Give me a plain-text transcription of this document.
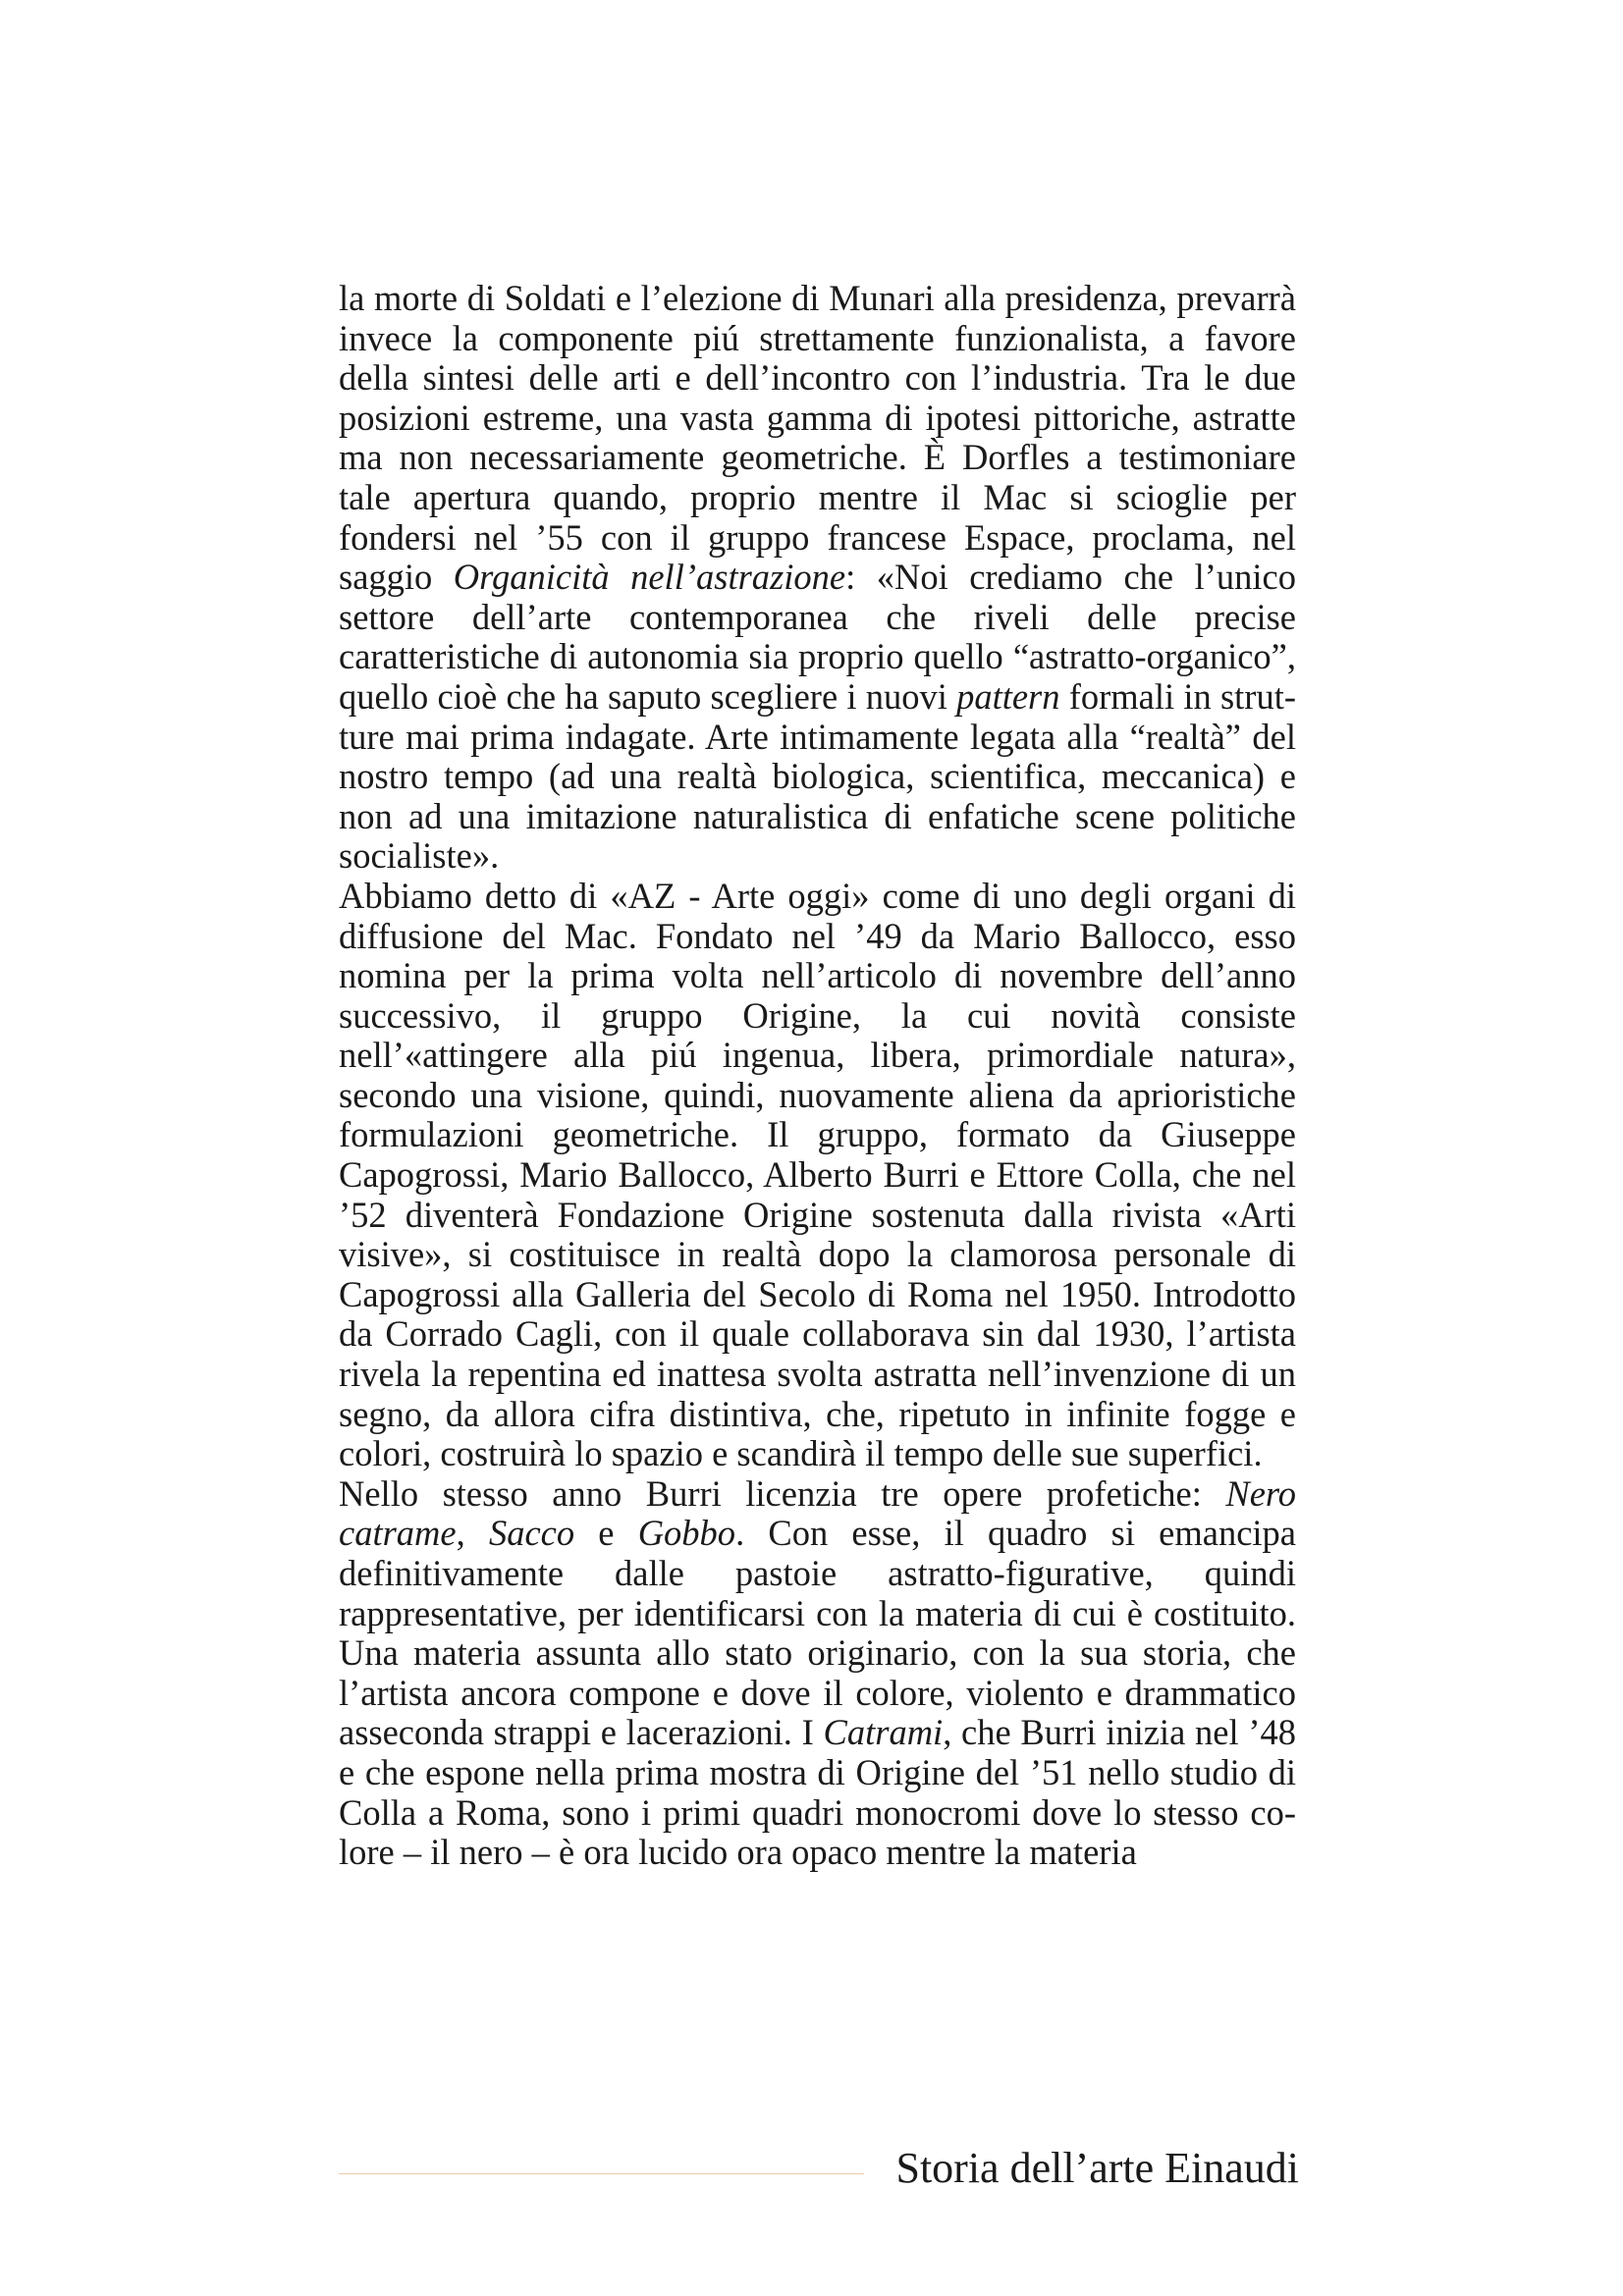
la morte di Soldati e l’elezione di Munari alla presidenza, prevarrà invece la componente piú strettamente funzionalista, a favore della sintesi delle arti e dell’incontro con l’industria. Tra le due posizioni estreme, una vasta gamma di ipotesi pittoriche, astratte ma non necessariamente geometriche. È Dorfles a testimoniare tale apertura quando, proprio mentre il Mac si scioglie per fondersi nel ’55 con il gruppo francese Espace, proclama, nel saggio Organicità nell’astrazione: «Noi crediamo che l’unico settore dell’arte contemporanea che riveli delle precise caratteristiche di autonomia sia proprio quello “astratto-organico”, quello cioè che ha saputo scegliere i nuovi pattern formali in strutture mai prima indagate. Arte intimamente legata alla “realtà” del nostro tempo (ad una realtà biologica, scientifica, meccanica) e non ad una imitazione naturalistica di enfatiche scene politiche socialiste».

Abbiamo detto di «AZ - Arte oggi» come di uno degli organi di diffusione del Mac. Fondato nel ’49 da Mario Ballocco, esso nomina per la prima volta nell’articolo di novembre dell’anno successivo, il gruppo Origine, la cui novità consiste nell’«attingere alla piú ingenua, libera, primordiale natura», secondo una visione, quindi, nuovamente aliena da aprioristiche formulazioni geometriche. Il gruppo, formato da Giuseppe Capogrossi, Mario Ballocco, Alberto Burri e Ettore Colla, che nel ’52 diventerà Fondazione Origine sostenuta dalla rivista «Arti visive», si costituisce in realtà dopo la clamorosa personale di Capogrossi alla Galleria del Secolo di Roma nel 1950. Introdotto da Corrado Cagli, con il quale collaborava sin dal 1930, l’artista rivela la repentina ed inattesa svolta astratta nell’invenzione di un segno, da allora cifra distintiva, che, ripetuto in infinite fogge e colori, costruirà lo spazio e scandirà il tempo delle sue superfici.

Nello stesso anno Burri licenzia tre opere profetiche: Nero catrame, Sacco e Gobbo. Con esse, il quadro si emancipa definitivamente dalle pastoie astratto-figurative, quindi rappresentative, per identificarsi con la materia di cui è costituito. Una materia assunta allo stato originario, con la sua storia, che l’artista ancora compone e dove il colore, violento e drammatico asseconda strappi e lacerazioni. I Catrami, che Burri inizia nel ’48 e che espone nella prima mostra di Origine del ’51 nello studio di Colla a Roma, sono i primi quadri monocromi dove lo stesso colore – il nero – è ora lucido ora opaco mentre la materia

Storia dell’arte Einaudi
